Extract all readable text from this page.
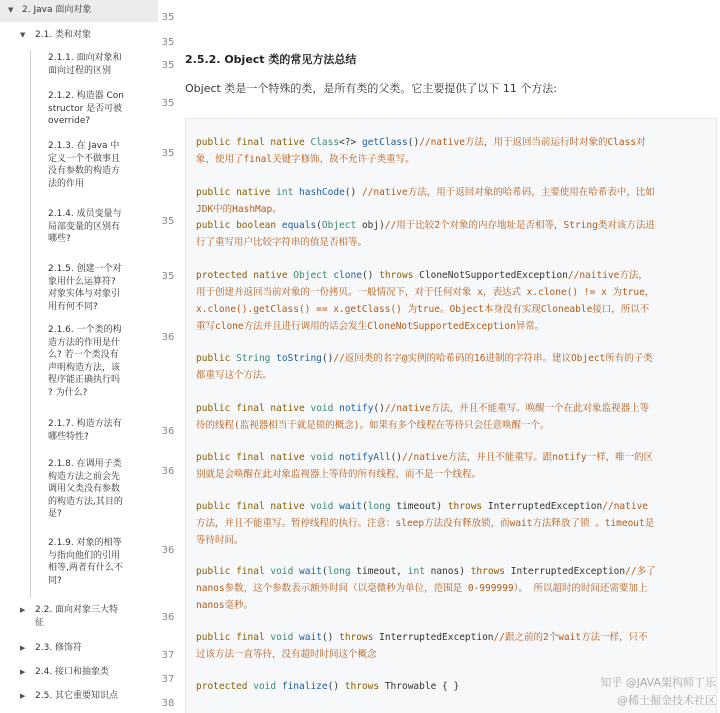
2. Java 面向对象
▼
2.1. 类和对象
▼
2.1.1. 面向对象和
面向过程的区别
2.1.2. 构造器 Con
structor 是否可被
override?
2.1.3. 在 Java 中
定义一个不做事且
没有参数的构造方
法的作用
2.1.4. 成员变量与
局部变量的区别有
哪些?
2.1.5. 创建一个对
象用什么运算符?
对象实体与对象引
用有何不同?
2.1.6. 一个类的构
造方法的作用是什
么? 若一个类没有
声明构造方法，该
程序能正确执行吗
? 为什么?
2.1.7. 构造方法有
哪些特性?
2.1.8. 在调用子类
构造方法之前会先
调用父类没有参数
的构造方法,其目的
是?
2.1.9. 对象的相等
与指向他们的引用
相等,两者有什么不
同?
2.2. 面向对象三大特
征
▶
2.3. 修饰符
▶
2.4. 接口和抽象类
▶
2.5. 其它重要知识点
▶
35
35
35
35
35
35
35
36
36
36
36
36
37
37
38
2.5.2. Object 类的常见方法总结

Object 类是一个特殊的类，是所有类的父类。它主要提供了以下 11 个方法:

public final native Class<?> getClass()//native方法，用于返回当前运行时对象的Class对
象，使用了final关键字修饰，故不允许子类重写。
public native int hashCode() //native方法，用于返回对象的哈希码，主要使用在哈希表中，比如
JDK中的HashMap。
public boolean equals(Object obj)//用于比较2个对象的内存地址是否相等，String类对该方法进
行了重写用户比较字符串的值是否相等。
protected native Object clone() throws CloneNotSupportedException//naitive方法，
用于创建并返回当前对象的一份拷贝。一般情况下，对于任何对象 x，表达式 x.clone() != x 为true，
x.clone().getClass() == x.getClass() 为true。Object本身没有实现Cloneable接口，所以不
重写clone方法并且进行调用的话会发生CloneNotSupportedException异常。
public String toString()//返回类的名字@实例的哈希码的16进制的字符串。建议Object所有的子类
都重写这个方法。
public final native void notify()//native方法，并且不能重写。唤醒一个在此对象监视器上等
待的线程(监视器相当于就是锁的概念)。如果有多个线程在等待只会任意唤醒一个。
public final native void notifyAll()//native方法，并且不能重写。跟notify一样，唯一的区
别就是会唤醒在此对象监视器上等待的所有线程，而不是一个线程。
public final native void wait(long timeout) throws InterruptedException//native
方法，并且不能重写。暂停线程的执行。注意：sleep方法没有释放锁，而wait方法释放了锁 。timeout是
等待时间。
public final void wait(long timeout, int nanos) throws InterruptedException//多了
nanos参数，这个参数表示额外时间（以毫微秒为单位，范围是 0-999999）。 所以超时的时间还需要加上
nanos毫秒。
public final void wait() throws InterruptedException//跟之前的2个wait方法一样，只不
过该方法一直等待，没有超时时间这个概念
protected void finalize() throws Throwable { }	知乎 @JAVA架构师丁乐
@稀土掘金技术社区
